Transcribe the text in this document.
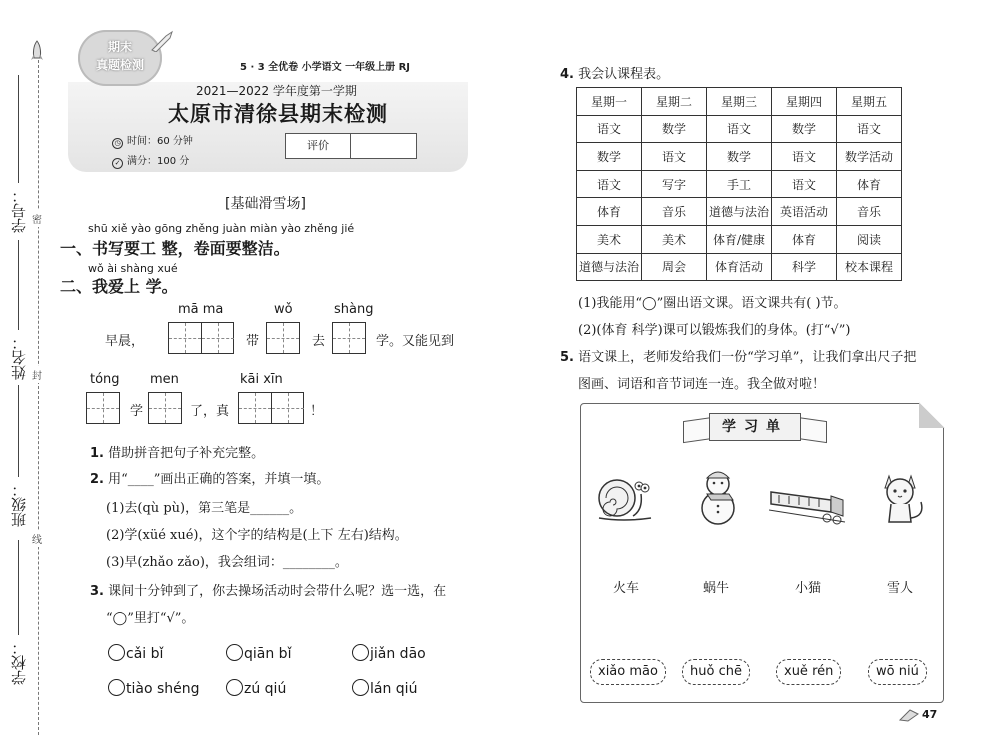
学号：
姓名：
班级：
学校：
密
封
线
期末
真题检测	5 · 3 全优卷 小学语文 一年级上册 RJ
2021—2022 学年度第一学期
太原市清徐县期末检测
◷ 时间：60 分钟
✓ 满分：100 分
评价
[基础滑雪场]
shū xiě yào gōng zhěng juàn miàn yào zhěng jié
一、书写要工 整，卷面要整洁。
wǒ ài shàng xué
二、我爱上 学。
mā ma	wǒ	shàng
早晨，	带	去	学。又能见到
tóng men	kāi xīn
学	了，真	！
1. 借助拼音把句子补充完整。
2. 用“____”画出正确的答案，并填一填。
(1)去(qù pù)，第三笔是______。
(2)学(xüé xué)，这个字的结构是(上下 左右)结构。
(3)早(zhǎo zǎo)，我会组词：________。
3. 课间十分钟到了，你去操场活动时会带什么呢？选一选，在
“◯”里打“√”。
cǎi bǐ	qiān bǐ	jiǎn dāo
tiào shéng	zú qiú	lán qiú
4. 我会认课程表。
星期一	星期二	星期三	星期四	星期五
语文	数学	语文	数学	语文
数学	语文	数学	语文	数学活动
语文	写字	手工	语文	体育
体育	音乐	道德与法治	英语活动	音乐
美术	美术	体育/健康	体育	阅读
道德与法治	周会	体育活动	科学	校本课程
(1)我能用“◯”圈出语文课。语文课共有( )节。
(2)(体育 科学)课可以锻炼我们的身体。(打“√”)
5. 语文课上，老师发给我们一份“学习单”，让我们拿出尺子把
图画、词语和音节词连一连。我全做对啦！
学习单
火车	蜗牛	小猫	雪人
xiǎo māo	huǒ chē	xuě rén	wō niú
47
